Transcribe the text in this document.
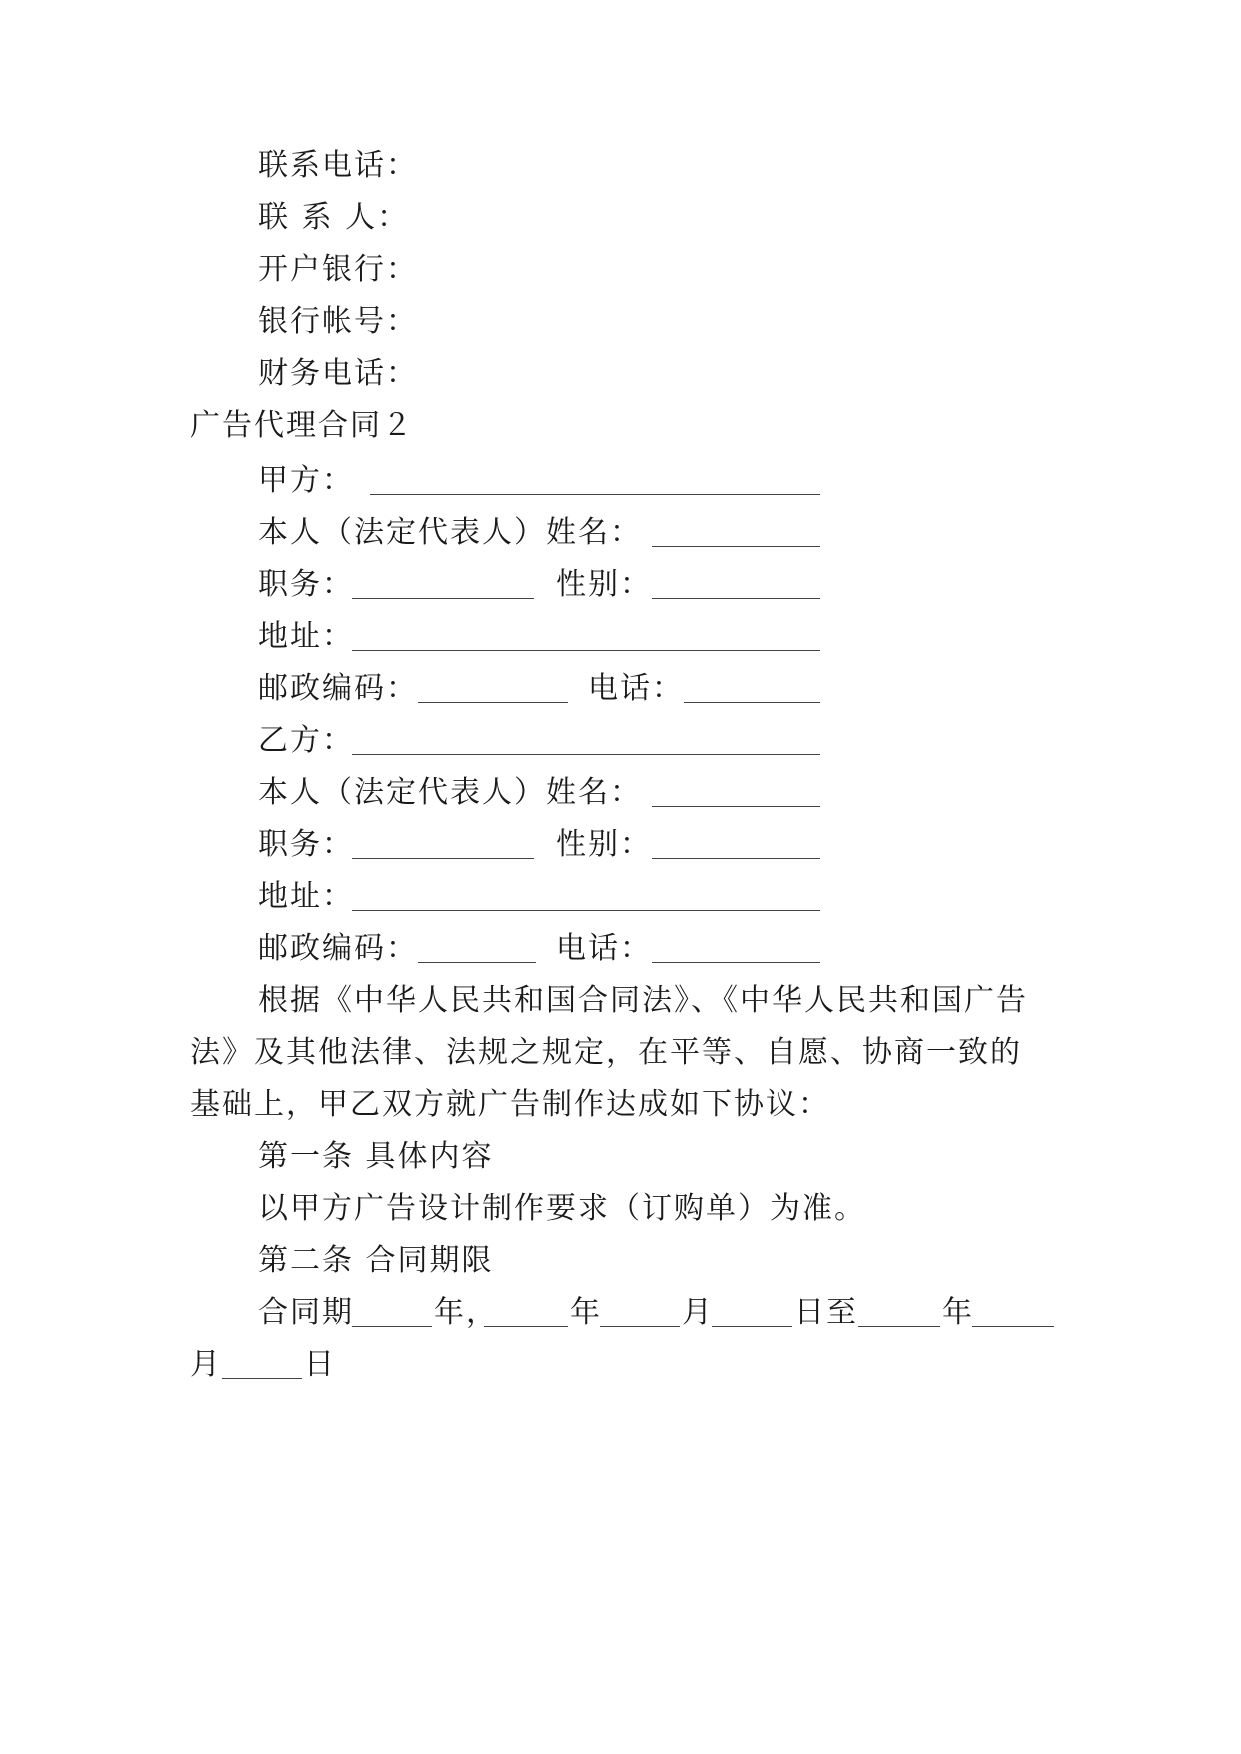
联系电话：
联 系 人：
开户银行：
银行帐号：
财务电话：
广告代理合同２
甲方：
本人（法定代表人）姓名：
职务：	性别：
地址：
邮政编码：	电话：
乙方：
本人（法定代表人）姓名：
职务：	性别：
地址：
邮政编码：	电话：
根据《中华人民共和国合同法》、《中华人民共和国广告
法》及其他法律、法规之规定，在平等、自愿、协商一致的
基础上，甲乙双方就广告制作达成如下协议：
第一条 具体内容
以甲方广告设计制作要求（订购单）为准。
第二条 合同期限
合同期	年， 年	月	日至	年
月	日
